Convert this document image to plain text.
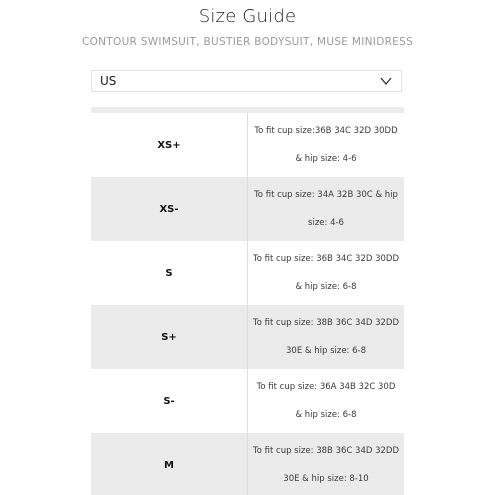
Size Guide
CONTOUR SWIMSUIT, BUSTIER BODYSUIT, MUSE MINIDRESS
US
XS+
To fit cup size:36B 34C 32D 30DD & hip size: 4-6
XS-
To fit cup size: 34A 32B 30C & hip size: 4-6
S
To fit cup size: 36B 34C 32D 30DD & hip size: 6-8
S+
To fit cup size: 38B 36C 34D 32DD 30E & hip size: 6-8
S-
To fit cup size: 36A 34B 32C 30D & hip size: 6-8
M
To fit cup size: 38B 36C 34D 32DD 30E & hip size: 8-10
